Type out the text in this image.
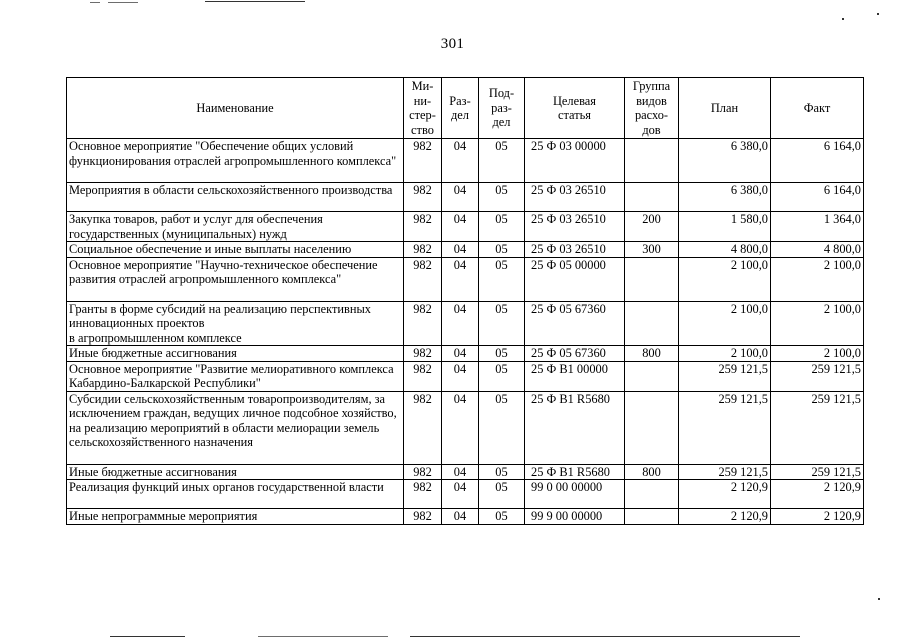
301
Наименование	Ми-
ни-
стер-
ство	Раз-
дел	Под-
раз-
дел	Целевая
статья	Группа
видов
расхо-
дов	План	Факт
Основное мероприятие "Обеспечение общих условий функционирования отраслей агропромышленного комплекса"	982	04	05	25 Ф 03 00000		6 380,0	6 164,0
Мероприятия в области сельскохозяйственного производства	982	04	05	25 Ф 03 26510		6 380,0	6 164,0
Закупка товаров, работ и услуг для обеспечения государственных (муниципальных) нужд	982	04	05	25 Ф 03 26510	200	1 580,0	1 364,0
Социальное обеспечение и иные выплаты населению	982	04	05	25 Ф 03 26510	300	4 800,0	4 800,0
Основное мероприятие "Научно-техническое обеспечение развития отраслей агропромышленного комплекса"	982	04	05	25 Ф 05 00000		2 100,0	2 100,0
Гранты в форме субсидий на реализацию перспективных инновационных проектов
в агропромышленном комплексе	982	04	05	25 Ф 05 67360		2 100,0	2 100,0
Иные бюджетные ассигнования	982	04	05	25 Ф 05 67360	800	2 100,0	2 100,0
Основное мероприятие "Развитие мелиоративного комплекса Кабардино-Балкарской Республики"	982	04	05	25 Ф В1 00000		259 121,5	259 121,5
Субсидии сельскохозяйственным товаропроизводителям, за исключением граждан, ведущих личное подсобное хозяйство, на реализацию мероприятий в области мелиорации земель сельскохозяйственного назначения	982	04	05	25 Ф В1 R5680		259 121,5	259 121,5
Иные бюджетные ассигнования	982	04	05	25 Ф В1 R5680	800	259 121,5	259 121,5
Реализация функций иных органов государственной власти	982	04	05	99 0 00 00000		2 120,9	2 120,9
Иные непрограммные мероприятия	982	04	05	99 9 00 00000		2 120,9	2 120,9
